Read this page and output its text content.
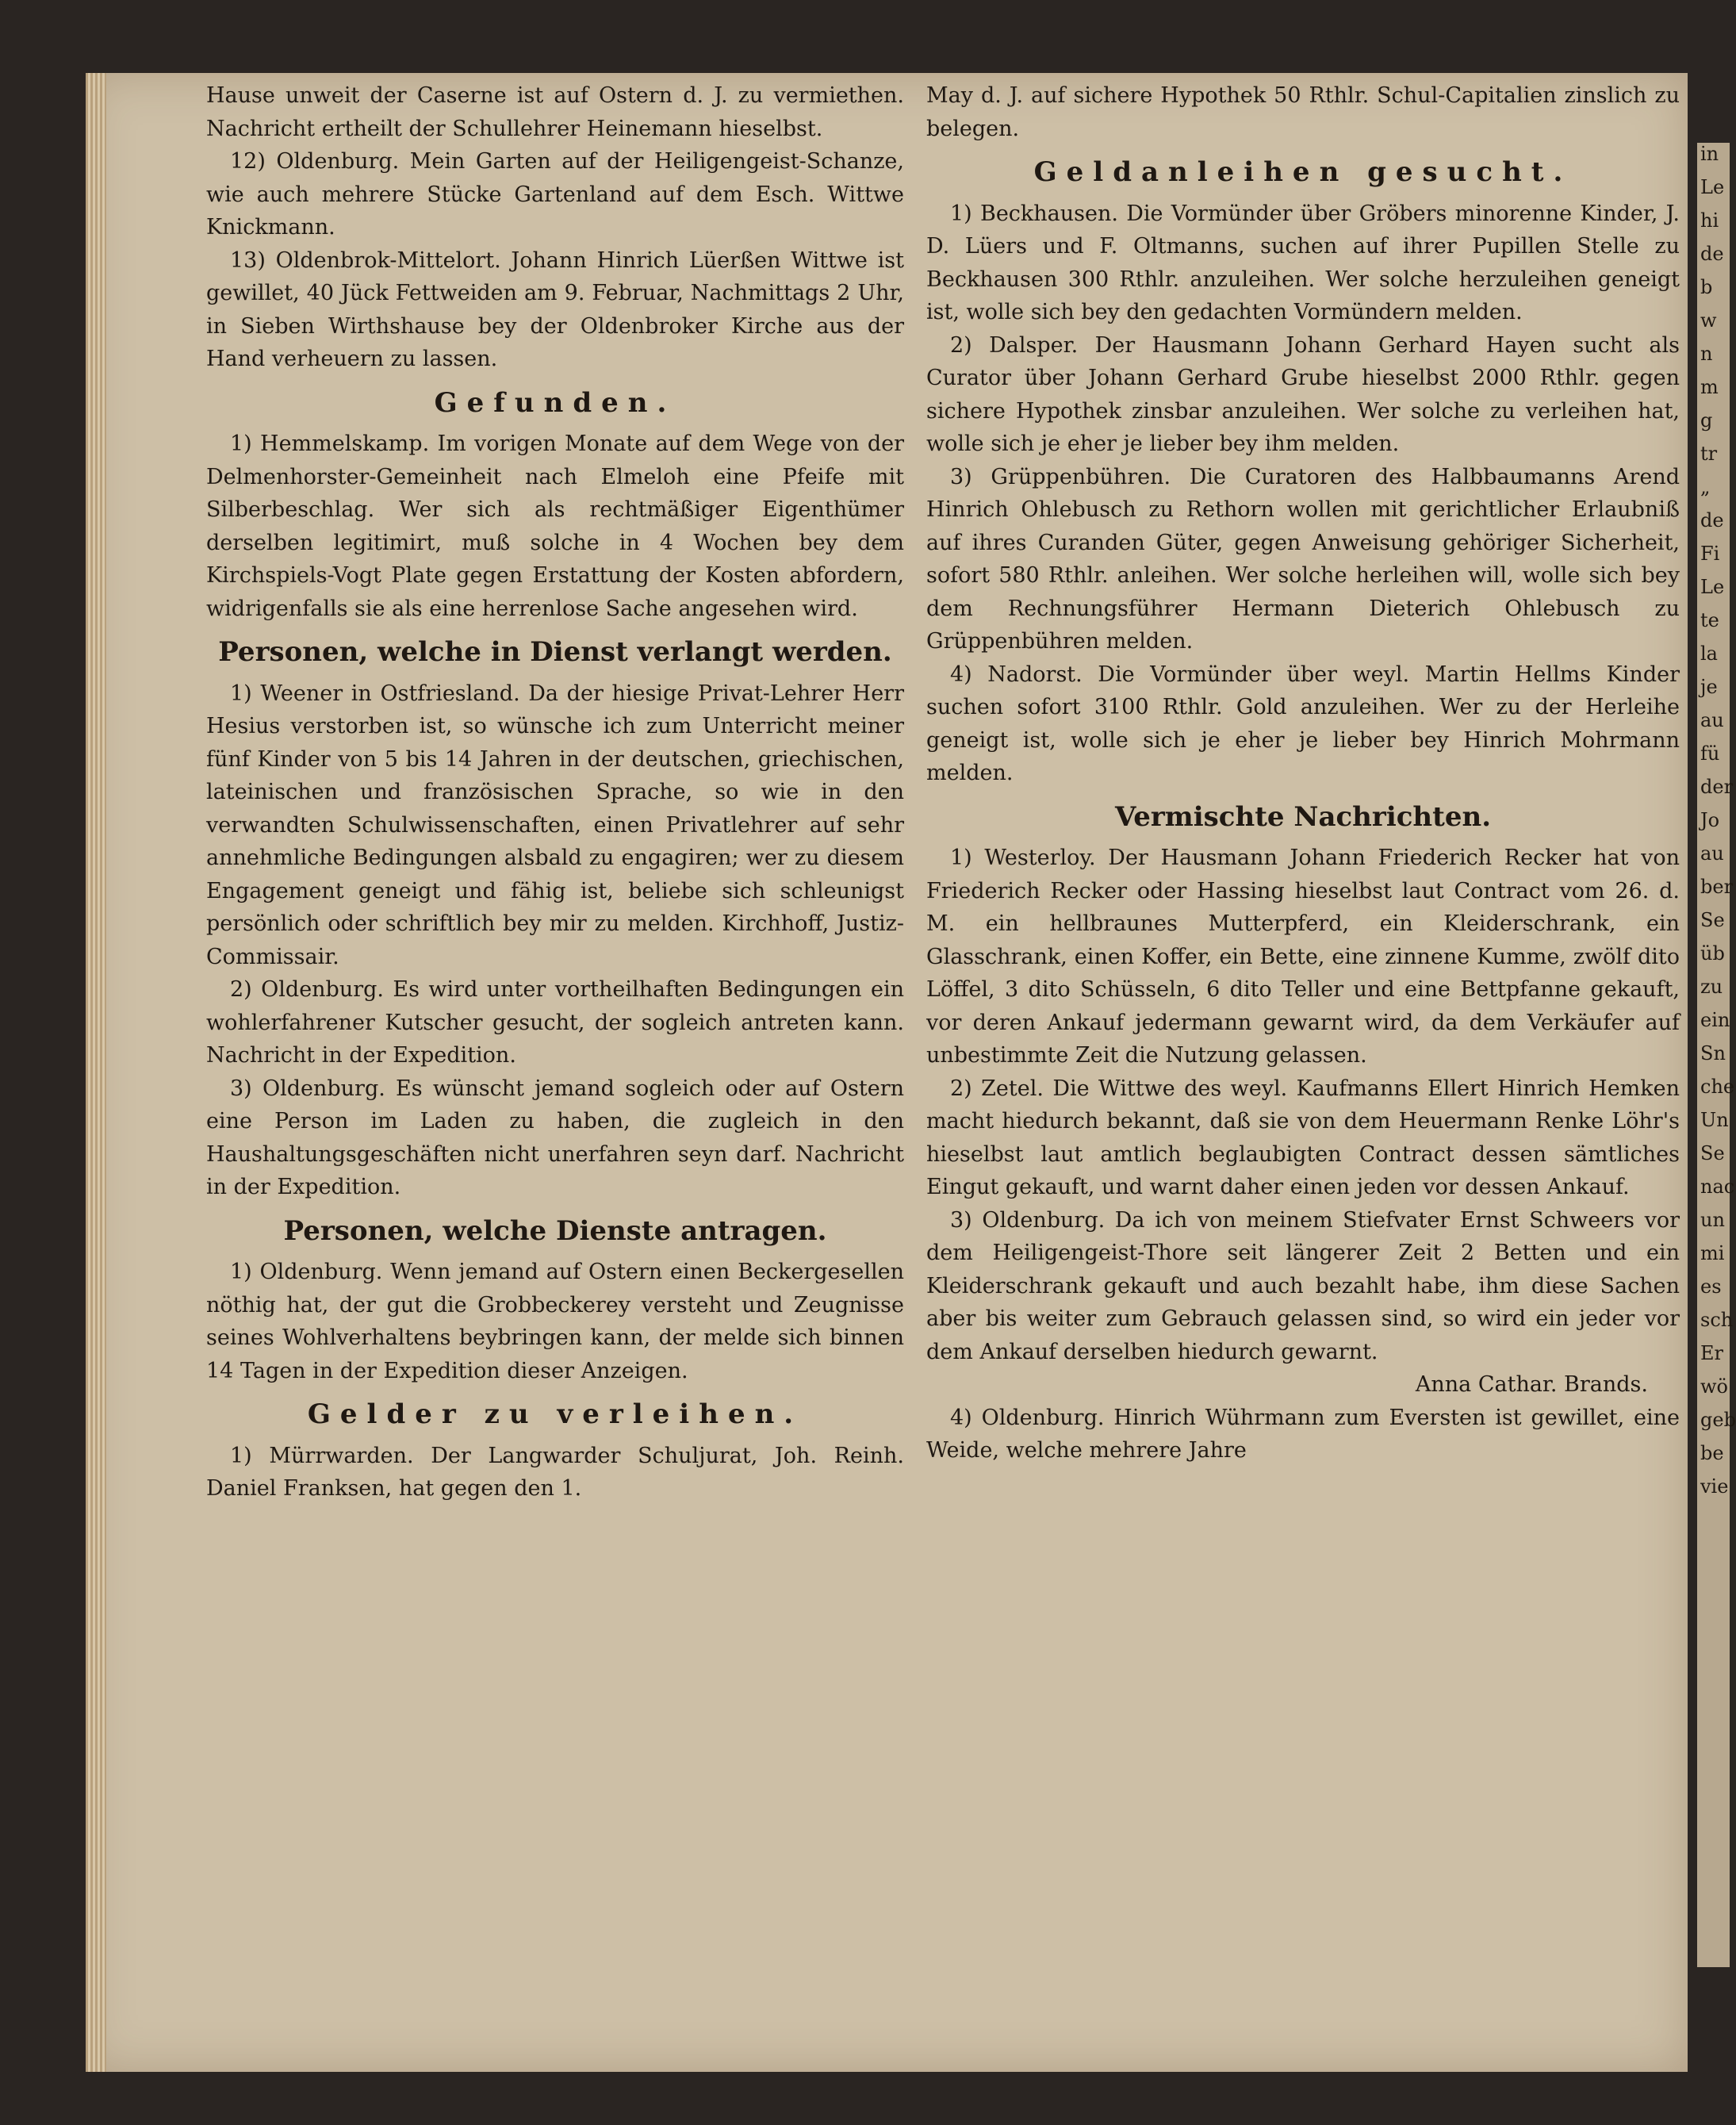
Hause unweit der Caserne ist auf Ostern d. J. zu vermiethen. Nachricht ertheilt der Schullehrer Heinemann hieselbst.

12) Oldenburg. Mein Garten auf der Heiligengeist-Schanze, wie auch mehrere Stücke Gartenland auf dem Esch. Wittwe Knickmann.

13) Oldenbrok-Mittelort. Johann Hinrich Lüerßen Wittwe ist gewillet, 40 Jück Fettweiden am 9. Februar, Nachmittags 2 Uhr, in Sieben Wirthshause bey der Oldenbroker Kirche aus der Hand verheuern zu lassen.

Gefunden.

1) Hemmelskamp. Im vorigen Monate auf dem Wege von der Delmenhorster-Gemeinheit nach Elmeloh eine Pfeife mit Silberbeschlag. Wer sich als rechtmäßiger Eigenthümer derselben legitimirt, muß solche in 4 Wochen bey dem Kirchspiels-Vogt Plate gegen Erstattung der Kosten abfordern, widrigenfalls sie als eine herrenlose Sache angesehen wird.

Personen, welche in Dienst verlangt werden.

1) Weener in Ostfriesland. Da der hiesige Privat-Lehrer Herr Hesius verstorben ist, so wünsche ich zum Unterricht meiner fünf Kinder von 5 bis 14 Jahren in der deutschen, griechischen, lateinischen und französischen Sprache, so wie in den verwandten Schulwissenschaften, einen Privatlehrer auf sehr annehmliche Bedingungen alsbald zu engagiren; wer zu diesem Engagement geneigt und fähig ist, beliebe sich schleunigst persönlich oder schriftlich bey mir zu melden. Kirchhoff, Justiz-Commissair.

2) Oldenburg. Es wird unter vortheilhaften Bedingungen ein wohlerfahrener Kutscher gesucht, der sogleich antreten kann. Nachricht in der Expedition.

3) Oldenburg. Es wünscht jemand sogleich oder auf Ostern eine Person im Laden zu haben, die zugleich in den Haushaltungsgeschäften nicht unerfahren seyn darf. Nachricht in der Expedition.

Personen, welche Dienste antragen.

1) Oldenburg. Wenn jemand auf Ostern einen Beckergesellen nöthig hat, der gut die Grobbeckerey versteht und Zeugnisse seines Wohlverhaltens beybringen kann, der melde sich binnen 14 Tagen in der Expedition dieser Anzeigen.

Gelder zu verleihen.

1) Mürrwarden. Der Langwarder Schuljurat, Joh. Reinh. Daniel Franksen, hat gegen den 1.

May d. J. auf sichere Hypothek 50 Rthlr. Schul-Capitalien zinslich zu belegen.

Geldanleihen gesucht.

1) Beckhausen. Die Vormünder über Gröbers minorenne Kinder, J. D. Lüers und F. Oltmanns, suchen auf ihrer Pupillen Stelle zu Beckhausen 300 Rthlr. anzuleihen. Wer solche herzuleihen geneigt ist, wolle sich bey den gedachten Vormündern melden.

2) Dalsper. Der Hausmann Johann Gerhard Hayen sucht als Curator über Johann Gerhard Grube hieselbst 2000 Rthlr. gegen sichere Hypothek zinsbar anzuleihen. Wer solche zu verleihen hat, wolle sich je eher je lieber bey ihm melden.

3) Grüppenbühren. Die Curatoren des Halbbaumanns Arend Hinrich Ohlebusch zu Rethorn wollen mit gerichtlicher Erlaubniß auf ihres Curanden Güter, gegen Anweisung gehöriger Sicherheit, sofort 580 Rthlr. anleihen. Wer solche herleihen will, wolle sich bey dem Rechnungsführer Hermann Dieterich Ohlebusch zu Grüppenbühren melden.

4) Nadorst. Die Vormünder über weyl. Martin Hellms Kinder suchen sofort 3100 Rthlr. Gold anzuleihen. Wer zu der Herleihe geneigt ist, wolle sich je eher je lieber bey Hinrich Mohrmann melden.

Vermischte Nachrichten.

1) Westerloy. Der Hausmann Johann Friederich Recker hat von Friederich Recker oder Hassing hieselbst laut Contract vom 26. d. M. ein hellbraunes Mutterpferd, ein Kleiderschrank, ein Glasschrank, einen Koffer, ein Bette, eine zinnene Kumme, zwölf dito Löffel, 3 dito Schüsseln, 6 dito Teller und eine Bettpfanne gekauft, vor deren Ankauf jedermann gewarnt wird, da dem Verkäufer auf unbestimmte Zeit die Nutzung gelassen.

2) Zetel. Die Wittwe des weyl. Kaufmanns Ellert Hinrich Hemken macht hiedurch bekannt, daß sie von dem Heuermann Renke Löhr's hieselbst laut amtlich beglaubigten Contract dessen sämtliches Eingut gekauft, und warnt daher einen jeden vor dessen Ankauf.

3) Oldenburg. Da ich von meinem Stiefvater Ernst Schweers vor dem Heiligengeist-Thore seit längerer Zeit 2 Betten und ein Kleiderschrank gekauft und auch bezahlt habe, ihm diese Sachen aber bis weiter zum Gebrauch gelassen sind, so wird ein jeder vor dem Ankauf derselben hiedurch gewarnt.

Anna Cathar. Brands.

4) Oldenburg. Hinrich Wührmann zum Eversten ist gewillet, eine Weide, welche mehrere Jahre

in
Le
hi
de
b
w
n
m
g
tr
„
de
Fi
Le
te
la
je
au
fü
der
Jo
au
ber
Se
üb
zu
ein
Sn
che
Un
Se
nac
un
mi
es
sch
Er
wö
geb
be
vie
